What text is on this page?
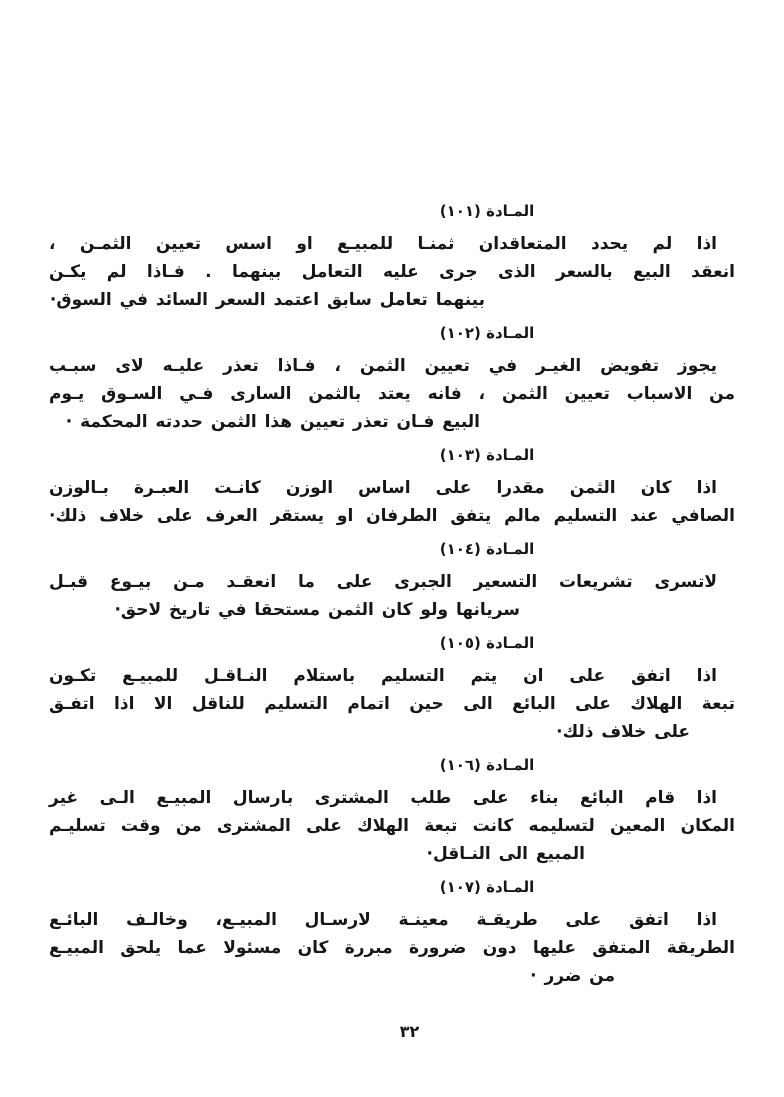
المـادة (١٠١)
اذا لم يحدد المتعاقدان ثمنـا للمبيـع او اسس تعيين الثمـن ،
انعقد البيع بالسعر الذى جرى عليه التعامل بينهما . فـاذا لم يكـن
بينهما تعامل سابق اعتمد السعر السائد في السوق·
المـادة (١٠٢)
يجوز تفويض الغيـر في تعيين الثمن ، فـاذا تعذر عليـه لاى سبـب
من الاسباب تعيين الثمن ، فانه يعتد بالثمن السارى فـي السـوق يـوم
البيع فـان تعذر تعيين هذا الثمن حددته المحكمة ·
المـادة (١٠٣)
اذا كان الثمن مقدرا على اساس الوزن كانـت العبـرة بـالوزن
الصافي عند التسليم مالم يتفق الطرفان او يستقر العرف على خلاف ذلك·
المـادة (١٠٤)
لاتسرى تشريعات التسعير الجبرى على ما انعقـد مـن بيـوع قبـل
سريانها ولو كان الثمن مستحقا في تاريخ لاحق·
المـادة (١٠٥)
اذا اتفق على ان يتم التسليم باستلام النـاقـل للمبيـع تكـون
تبعة الهلاك على البائع الى حين اتمام التسليم للناقل الا اذا اتفـق
على خلاف ذلك·
المـادة (١٠٦)
اذا قام البائع بناء على طلب المشترى بارسال المبيـع الـى غير
المكان المعين لتسليمه كانت تبعة الهلاك على المشترى من وقت تسليـم
المبيع الى النـاقل·
المـادة (١٠٧)
اذا اتفق على طريقـة معينـة لارسـال المبيـع، وخالـف البائـع
الطريقة المتفق عليها دون ضرورة مبررة كان مسئولا عما يلحق المبيـع
من ضرر ·
٣٢
